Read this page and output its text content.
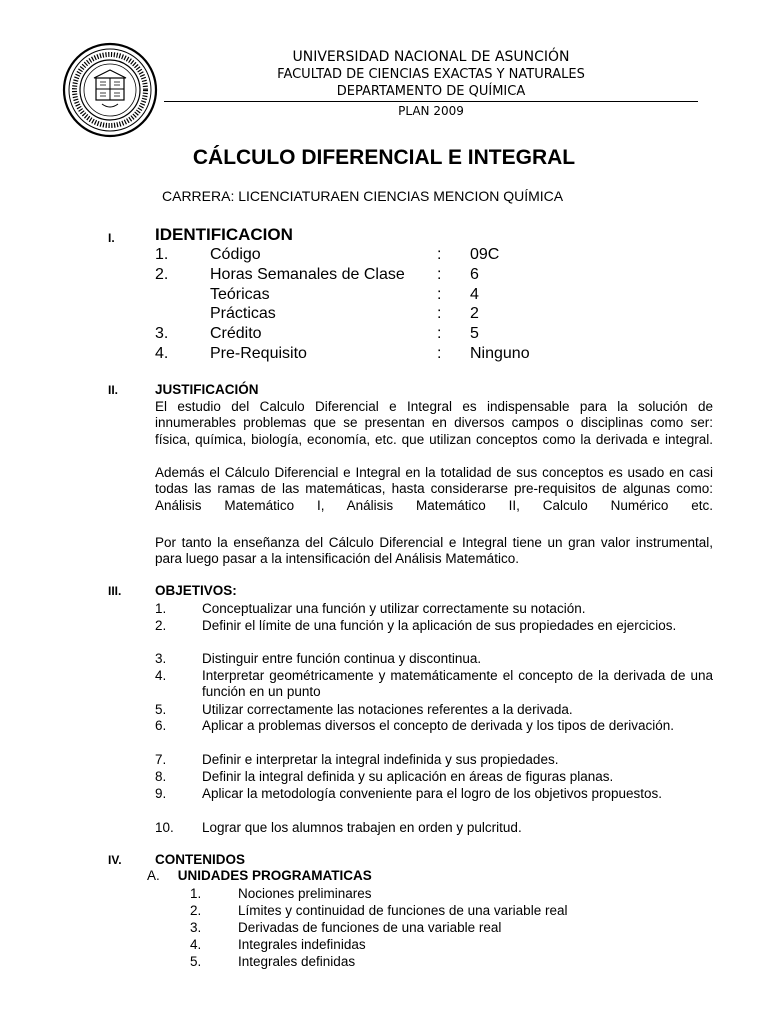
UNIVERSIDAD NACIONAL DE ASUNCIÓN
FACULTAD DE CIENCIAS EXACTAS Y NATURALES
DEPARTAMENTO DE QUÍMICA
PLAN 2009
CÁLCULO DIFERENCIAL E INTEGRAL
CARRERA: LICENCIATURAEN CIENCIAS MENCION QUÍMICA
I. IDENTIFICACION
1.	Código	: 09C
2.	Horas Semanales de Clase : 6
Teóricas	: 4
Prácticas	: 2
3.	Crédito	: 5
4.	Pre-Requisito	: Ninguno
II.	JUSTIFICACIÓN

El estudio del Calculo Diferencial e Integral es indispensable para la solución de innumerables problemas que se presentan en diversos campos o disciplinas como ser: física, química, biología, economía, etc. que utilizan conceptos como la derivada e integral.

Además el Cálculo Diferencial e Integral en la totalidad de sus conceptos es usado en casi todas las ramas de las matemáticas, hasta considerarse pre-requisitos de algunas como: Análisis Matemático I, Análisis Matemático II, Calculo Numérico etc.

Por tanto la enseñanza del Cálculo Diferencial e Integral tiene un gran valor instrumental, para luego pasar a la intensificación del Análisis Matemático.

III. OBJETIVOS:
1.	Conceptualizar una función y utilizar correctamente su notación.
2.	Definir el límite de una función y la aplicación de sus propiedades en ejercicios.
3.	Distinguir entre función continua y discontinua.
4.	Interpretar geométricamente y matemáticamente el concepto de la derivada de una función en un punto
5.	Utilizar correctamente las notaciones referentes a la derivada.
6.	Aplicar a problemas diversos el concepto de derivada y los tipos de derivación.
7.	Definir e interpretar la integral indefinida y sus propiedades.
8.	Definir la integral definida y su aplicación en áreas de figuras planas.
9.	Aplicar la metodología conveniente para el logro de los objetivos propuestos.
10. Lograr que los alumnos trabajen en orden y pulcritud.
IV. CONTENIDOS
A. UNIDADES PROGRAMATICAS
1.	Nociones preliminares
2.	Límites y continuidad de funciones de una variable real
3.	Derivadas de funciones de una variable real
4.	Integrales indefinidas
5.	Integrales definidas
